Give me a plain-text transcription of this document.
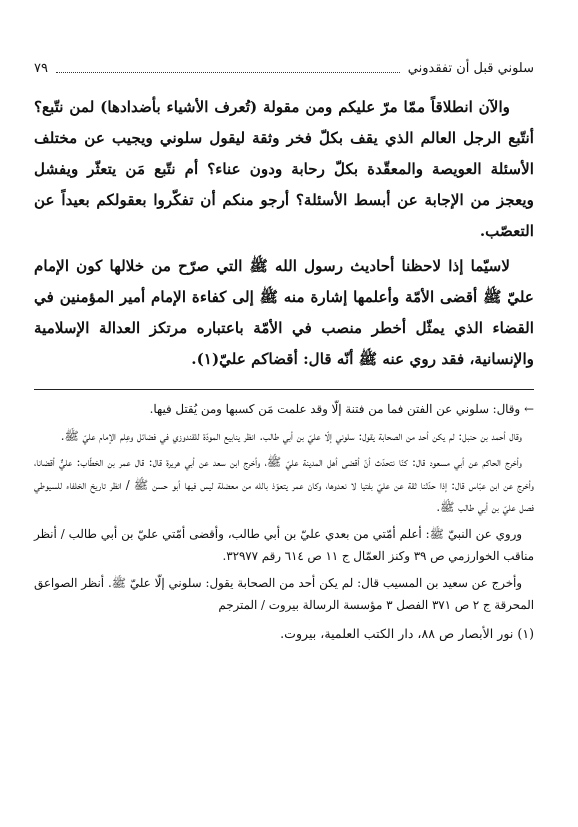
سلوني قبل أن تفقدوني
٧٩

والآن انطلاقاً ممّا مرّ عليكم ومن مقولة (تُعرف الأشياء بأضدادها) لمن نتّبع؟ أنتّبع الرجل العالم الذي يقف بكلّ فخر وثقة ليقول سلوني ويجيب عن مختلف الأسئلة العويصة والمعقّدة بكلّ رحابة ودون عناء؟ أم نتّبع مَن يتعثّر ويفشل ويعجز من الإجابة عن أبسط الأسئلة؟ أرجو منكم أن تفكّروا بعقولكم بعيداً عن التعصّب.

لاسيّما إذا لاحظنا أحاديث رسول الله ﷺ التي صرّح من خلالها كون الإمام عليّ ﷺ أقضى الأمّة وأعلمها إشارة منه ﷺ إلى كفاءة الإمام أمير المؤمنين في القضاء الذي يمثّل أخطر منصب في الأمّة باعتباره مرتكز العدالة الإسلامية والإنسانية، فقد روي عنه ﷺ أنّه قال: أقضاكم عليّ(١).

←وقال: سلوني عن الفتن فما من فتنة إلّا وقد علمت مَن كسبها ومن يُقتل فيها.

وقال أحمد بن حنبل: لم يكن أحد من الصحابة يقول: سلوني إلّا عليّ بن أبي طالب. انظر ينابيع المودّة للقندوزي في فضائل وعِلم الإمام عليّ ﷺ.

وأخرج الحاكم عن أبي مسعود قال: كنّا نتحدّث أنّ أقضى أهل المدينة عليّ ﷺ، وأخرج ابن سعد عن أبي هريرة قال: قال عمر بن الخطّاب: عليٌّ أقضانا، وأخرج عن ابن عبّاس قال: إذا حدّثنا ثقة عن عليّ بفتيا لا نعدوها، وكان عمر يتعوّذ بالله من معضلة ليس فيها أبو حسن ﷺ / انظر تاريخ الخلفاء للسيوطي فصل عليّ بن أبي طالب ﷺ.

وروي عن النبيّ ﷺ: أعلم أمّتي من بعدي عليّ بن أبي طالب، وأقضى أمّتي عليّ بن أبي طالب / أنظر مناقب الخوارزمي ص ٣٩ وكنز العمّال ج ١١ ص ٦١٤ رقم ٣٢٩٧٧.

وأخرج عن سعيد بن المسيب قال: لم يكن أحد من الصحابة يقول: سلوني إلّا عليّ ﷺ. أنظر الصواعق المحرقة ج ٢ ص ٣٧١ الفصل ٣ مؤسسة الرسالة بيروت / المترجم

(١)نور الأبصار ص ٨٨، دار الكتب العلمية، بيروت.
